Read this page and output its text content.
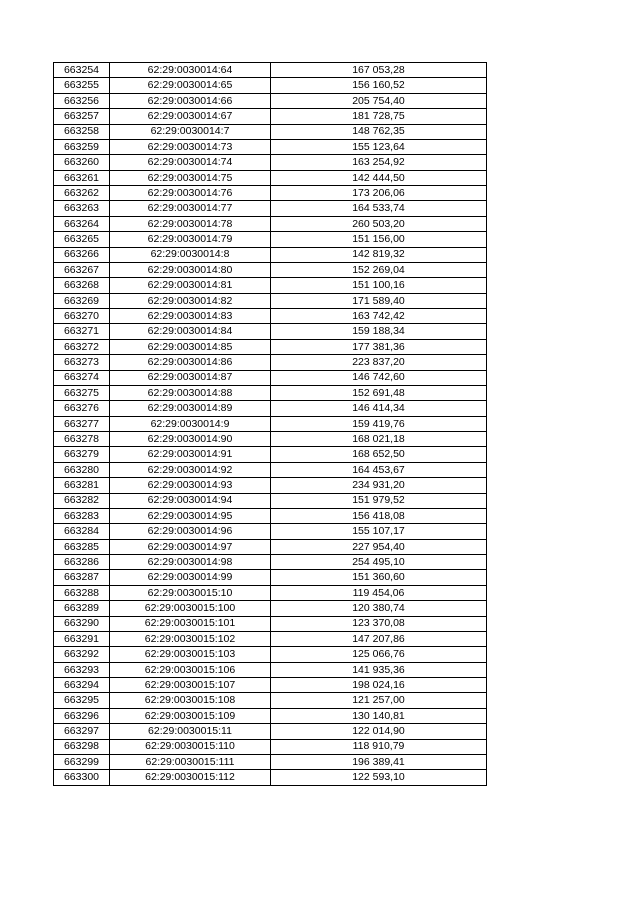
663254	62:29:0030014:64	167 053,28
663255	62:29:0030014:65	156 160,52
663256	62:29:0030014:66	205 754,40
663257	62:29:0030014:67	181 728,75
663258	62:29:0030014:7	148 762,35
663259	62:29:0030014:73	155 123,64
663260	62:29:0030014:74	163 254,92
663261	62:29:0030014:75	142 444,50
663262	62:29:0030014:76	173 206,06
663263	62:29:0030014:77	164 533,74
663264	62:29:0030014:78	260 503,20
663265	62:29:0030014:79	151 156,00
663266	62:29:0030014:8	142 819,32
663267	62:29:0030014:80	152 269,04
663268	62:29:0030014:81	151 100,16
663269	62:29:0030014:82	171 589,40
663270	62:29:0030014:83	163 742,42
663271	62:29:0030014:84	159 188,34
663272	62:29:0030014:85	177 381,36
663273	62:29:0030014:86	223 837,20
663274	62:29:0030014:87	146 742,60
663275	62:29:0030014:88	152 691,48
663276	62:29:0030014:89	146 414,34
663277	62:29:0030014:9	159 419,76
663278	62:29:0030014:90	168 021,18
663279	62:29:0030014:91	168 652,50
663280	62:29:0030014:92	164 453,67
663281	62:29:0030014:93	234 931,20
663282	62:29:0030014:94	151 979,52
663283	62:29:0030014:95	156 418,08
663284	62:29:0030014:96	155 107,17
663285	62:29:0030014:97	227 954,40
663286	62:29:0030014:98	254 495,10
663287	62:29:0030014:99	151 360,60
663288	62:29:0030015:10	119 454,06
663289	62:29:0030015:100	120 380,74
663290	62:29:0030015:101	123 370,08
663291	62:29:0030015:102	147 207,86
663292	62:29:0030015:103	125 066,76
663293	62:29:0030015:106	141 935,36
663294	62:29:0030015:107	198 024,16
663295	62:29:0030015:108	121 257,00
663296	62:29:0030015:109	130 140,81
663297	62:29:0030015:11	122 014,90
663298	62:29:0030015:110	118 910,79
663299	62:29:0030015:111	196 389,41
663300	62:29:0030015:112	122 593,10
